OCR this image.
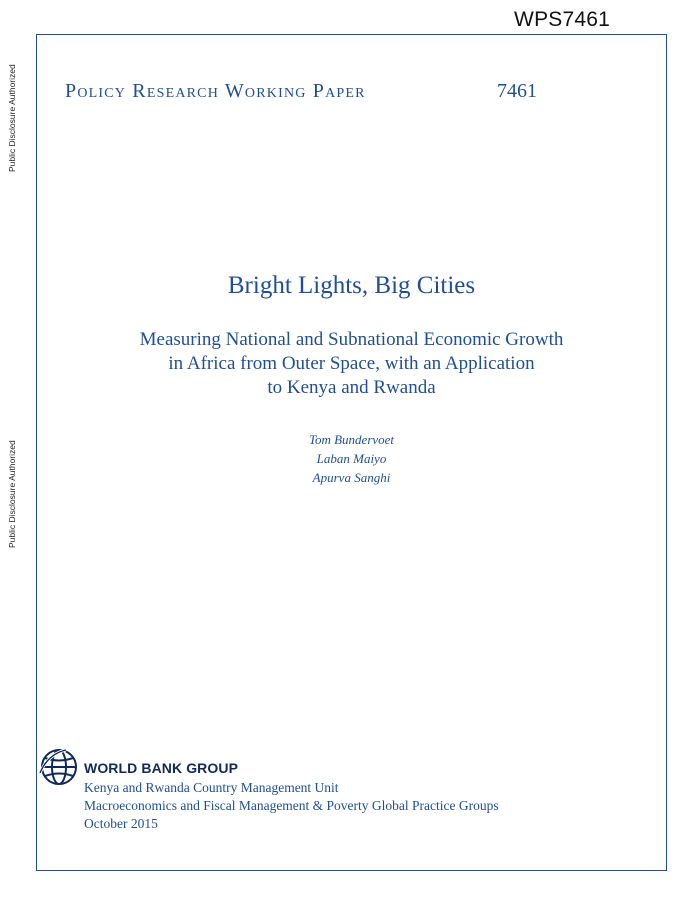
WPS7461
Public Disclosure Authorized
Public Disclosure Authorized
Policy Research Working Paper	7461
Bright Lights, Big Cities
Measuring National and Subnational Economic Growth
in Africa from Outer Space, with an Application
to Kenya and Rwanda
Tom Bundervoet
Laban Maiyo
Apurva Sanghi
WORLD BANK GROUP
Kenya and Rwanda Country Management Unit
Macroeconomics and Fiscal Management & Poverty Global Practice Groups
October 2015
